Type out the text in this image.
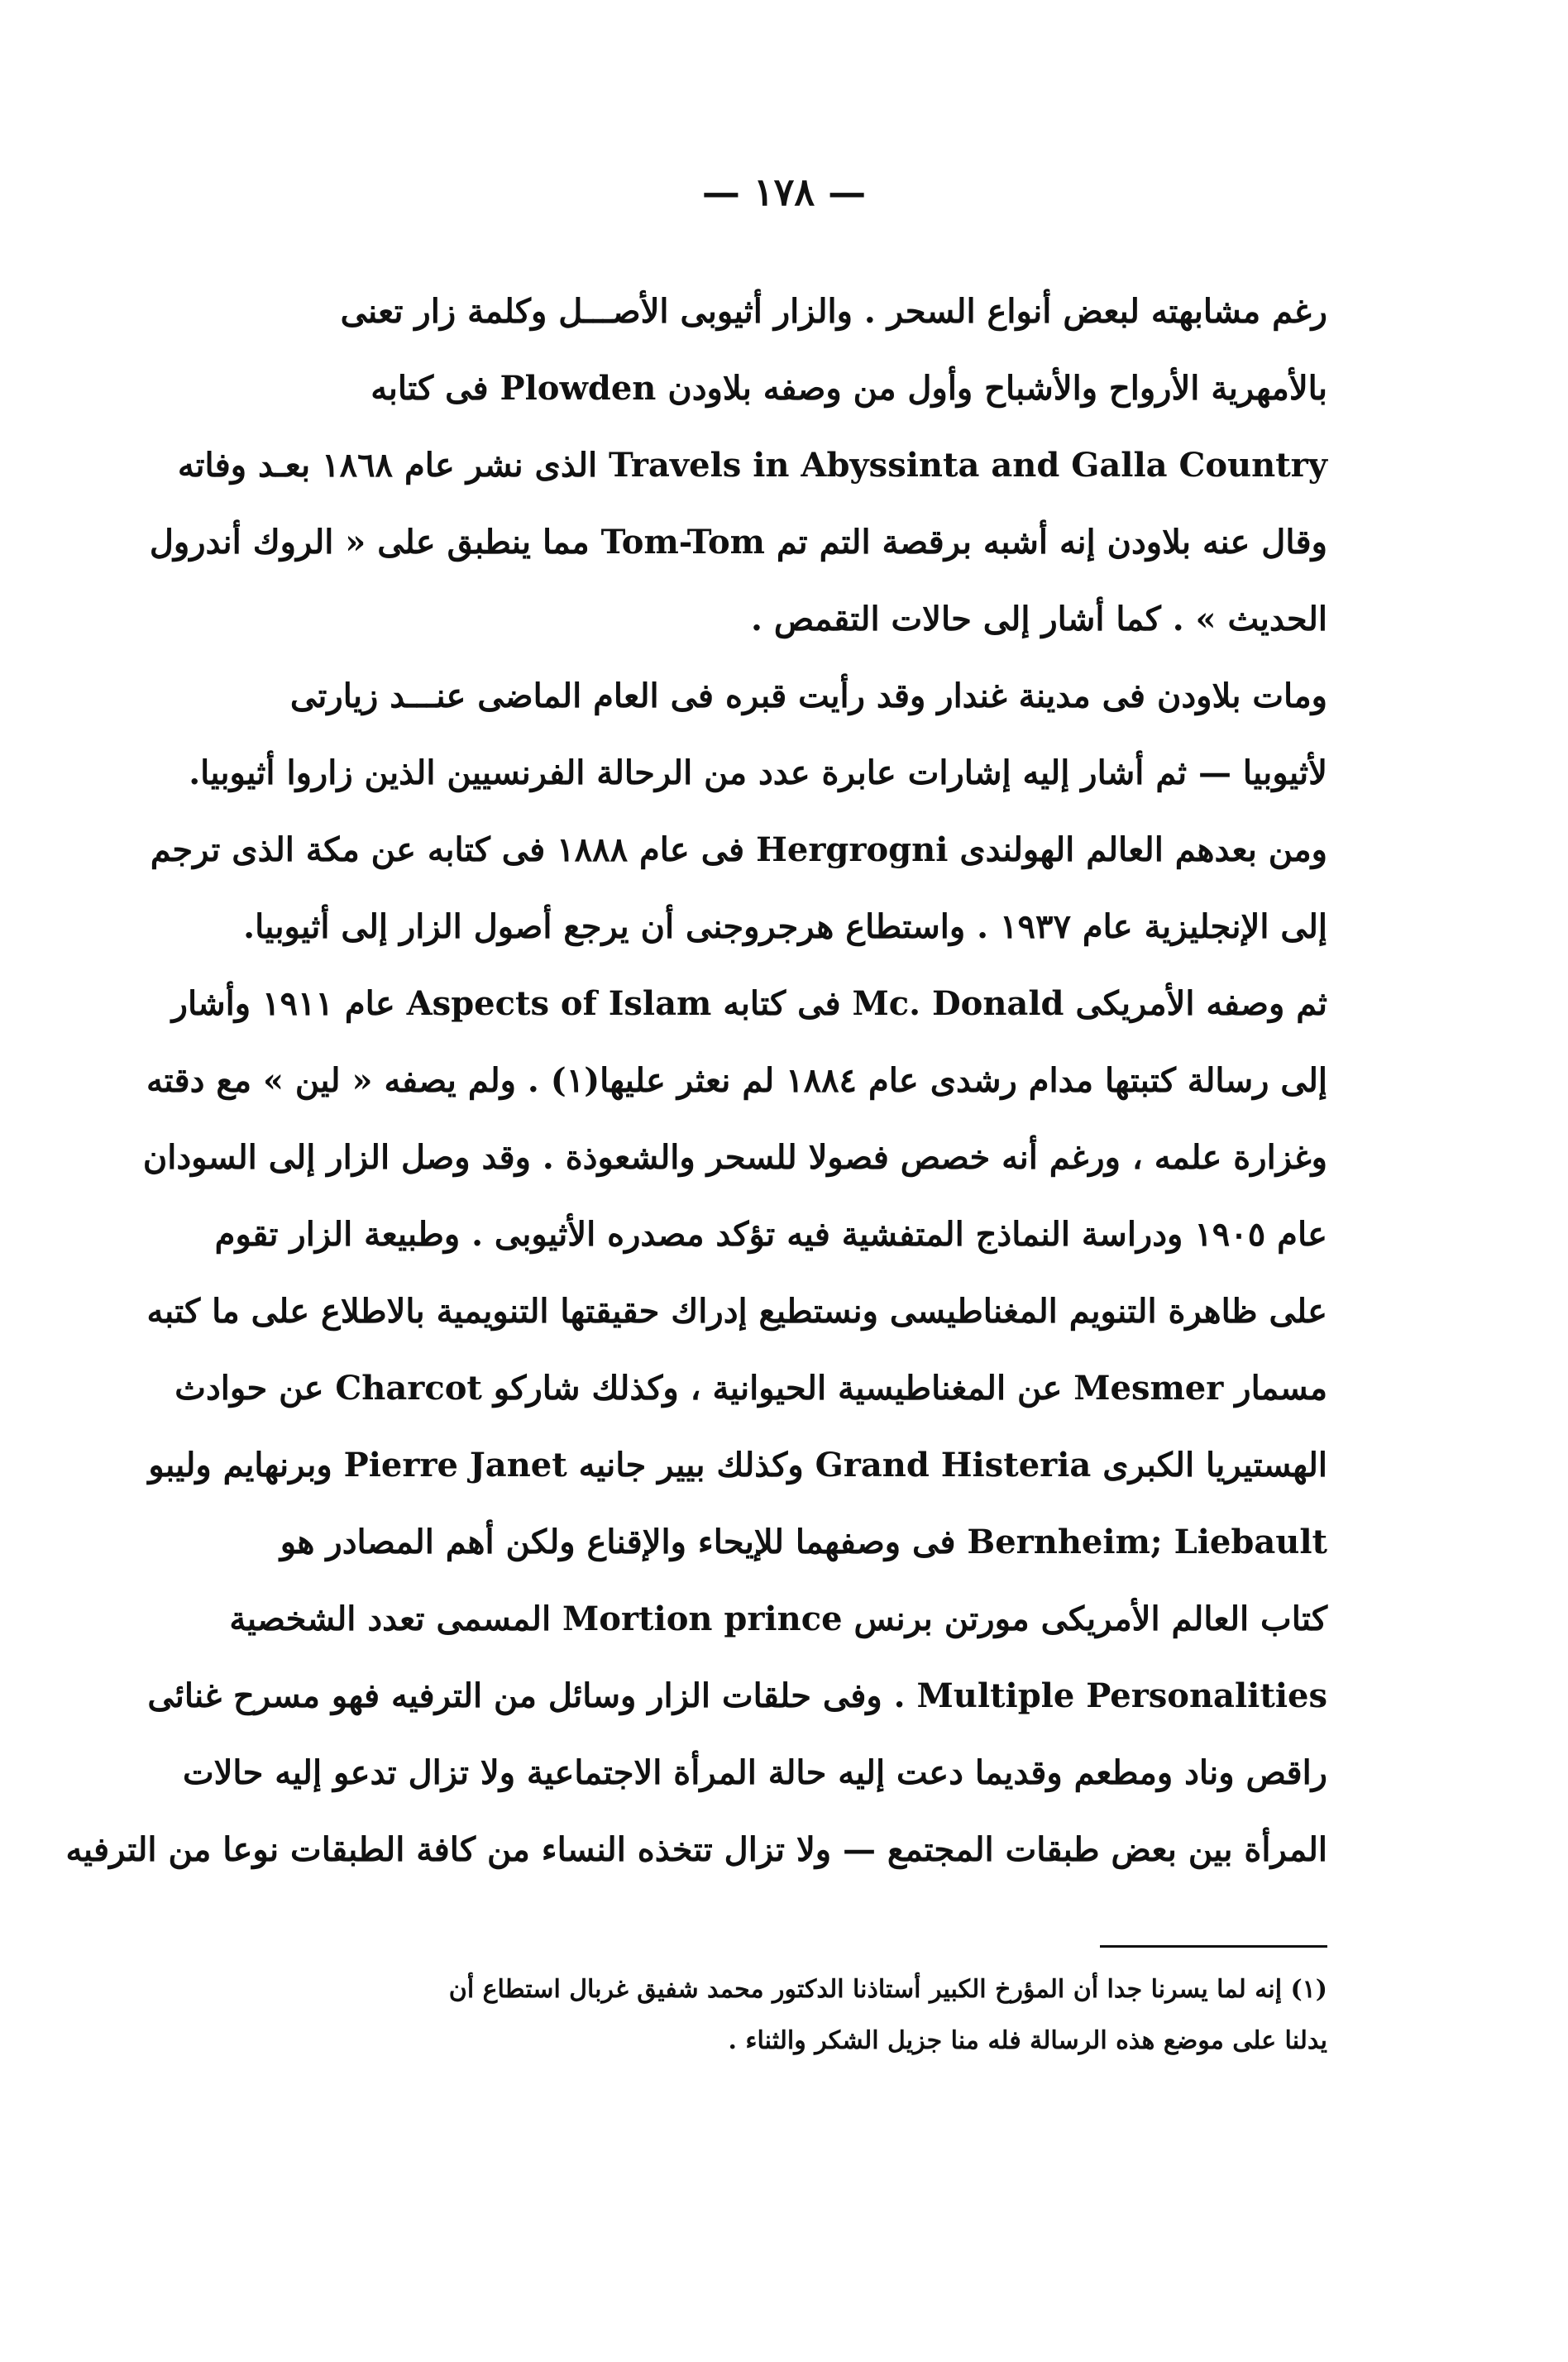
— ١٧٨ —
رغم مشابهته لبعض أنواع السحر . والزار أثيوبى الأصـــل وكلمة زار تعنى
بالأمهرية الأرواح والأشباح وأول من وصفه بلاودن Plowden فى كتابه
Travels in Abyssinta and Galla Country الذى نشر عام ١٨٦٨ بعـد وفاته
وقال عنه بلاودن إنه أشبه برقصة التم تم Tom-Tom مما ينطبق على « الروك أندرول
الحديث » . كما أشار إلى حالات التقمص .
ومات بلاودن فى مدينة غندار وقد رأيت قبره فى العام الماضى عنـــد زيارتى
لأثيوبيا — ثم أشار إليه إشارات عابرة عدد من الرحالة الفرنسيين الذين زاروا أثيوبيا.
ومن بعدهم العالم الهولندى Hergrogni فى عام ١٨٨٨ فى كتابه عن مكة الذى ترجم
إلى الإنجليزية عام ١٩٣٧ . واستطاع هرجروجنى أن يرجع أصول الزار إلى أثيوبيا.
ثم وصفه الأمريكى Mc. Donald فى كتابه Aspects of Islam عام ١٩١١ وأشار
إلى رسالة كتبتها مدام رشدى عام ١٨٨٤ لم نعثر عليها(١) . ولم يصفه « لين » مع دقته
وغزارة علمه ، ورغم أنه خصص فصولا للسحر والشعوذة . وقد وصل الزار إلى السودان
عام ١٩٠٥ ودراسة النماذج المتفشية فيه تؤكد مصدره الأثيوبى . وطبيعة الزار تقوم
على ظاهرة التنويم المغناطيسى ونستطيع إدراك حقيقتها التنويمية بالاطلاع على ما كتبه
مسمار Mesmer عن المغناطيسية الحيوانية ، وكذلك شاركو Charcot عن حوادث
الهستيريا الكبرى Grand Histeria وكذلك بيير جانيه Pierre Janet وبرنهايم وليبو
Bernheim; Liebault فى وصفهما للإيحاء والإقناع ولكن أهم المصادر هو
كتاب العالم الأمريكى مورتن برنس Mortion prince المسمى تعدد الشخصية
Multiple Personalities . وفى حلقات الزار وسائل من الترفيه فهو مسرح غنائى
راقص وناد ومطعم وقديما دعت إليه حالة المرأة الاجتماعية ولا تزال تدعو إليه حالات
المرأة بين بعض طبقات المجتمع — ولا تزال تتخذه النساء من كافة الطبقات نوعا من الترفيه
(١) إنه لما يسرنا جدا أن المؤرخ الكبير أستاذنا الدكتور محمد شفيق غربال استطاع أن
يدلنا على موضع هذه الرسالة فله منا جزيل الشكر والثناء .
